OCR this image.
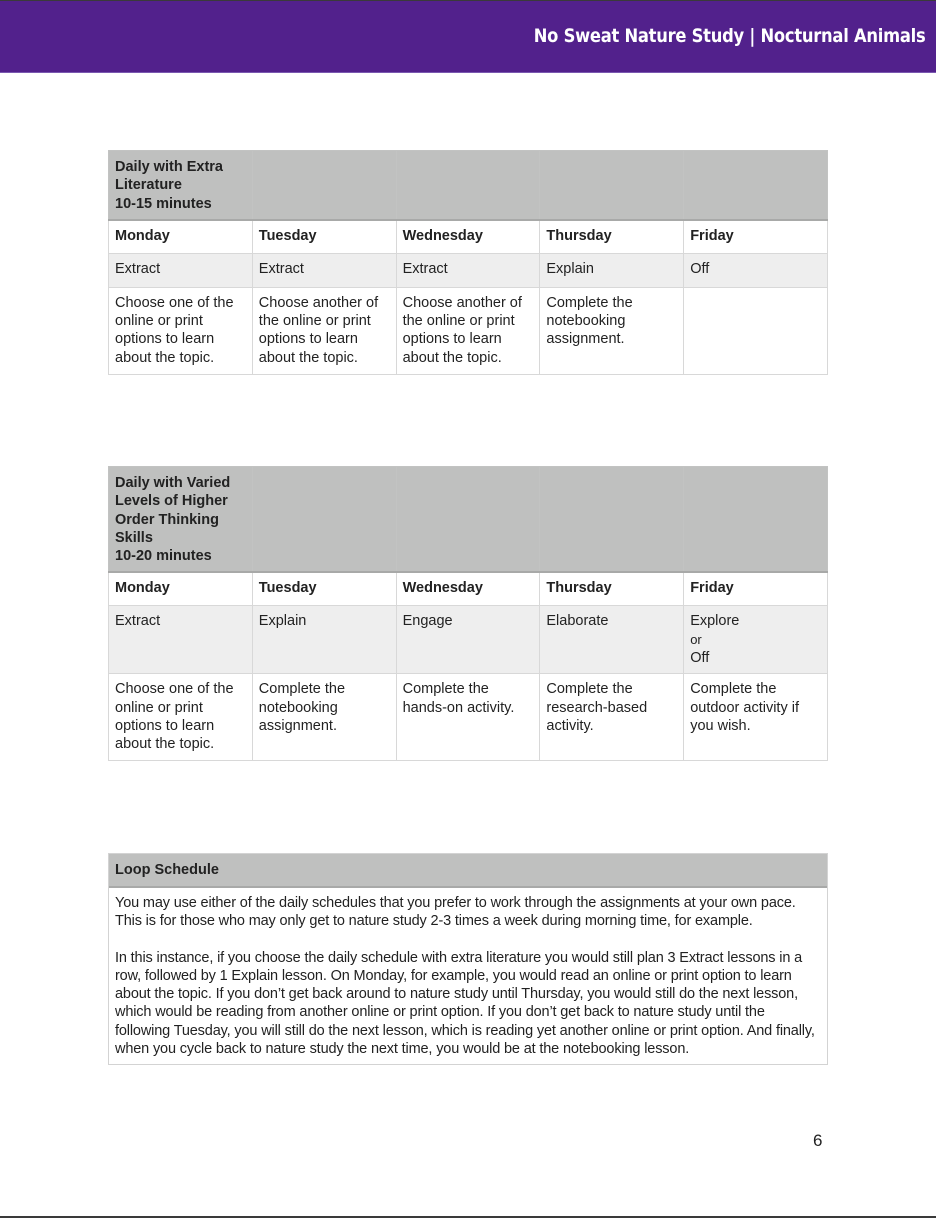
No Sweat Nature Study | Nocturnal Animals
Daily with Extra
Literature
10-15 minutes				
Monday	Tuesday	Wednesday	Thursday	Friday
Extract	Extract	Extract	Explain	Off
Choose one of the online or print options to learn about the topic.	Choose another of the online or print options to learn about the topic.	Choose another of the online or print options to learn about the topic.	Complete the notebooking assignment.	
Daily with Varied
Levels of Higher
Order Thinking
Skills
10-20 minutes				
Monday	Tuesday	Wednesday	Thursday	Friday
Extract	Explain	Engage	Elaborate	Explore
or
Off
Choose one of the online or print options to learn about the topic.	Complete the notebooking assignment.	Complete the hands-on activity.	Complete the research-based activity.	Complete the outdoor activity if you wish.
Loop Schedule

You may use either of the daily schedules that you prefer to work through the assignments at your own pace. This is for those who may only get to nature study 2-3 times a week during morning time, for example.

In this instance, if you choose the daily schedule with extra literature you would still plan 3 Extract lessons in a row, followed by 1 Explain lesson. On Monday, for example, you would read an online or print option to learn about the topic. If you don’t get back around to nature study until Thursday, you would still do the next lesson, which would be reading from another online or print option. If you don’t get back to nature study until the following Tuesday, you will still do the next lesson, which is reading yet another online or print option. And finally, when you cycle back to nature study the next time, you would be at the notebooking lesson.

6
